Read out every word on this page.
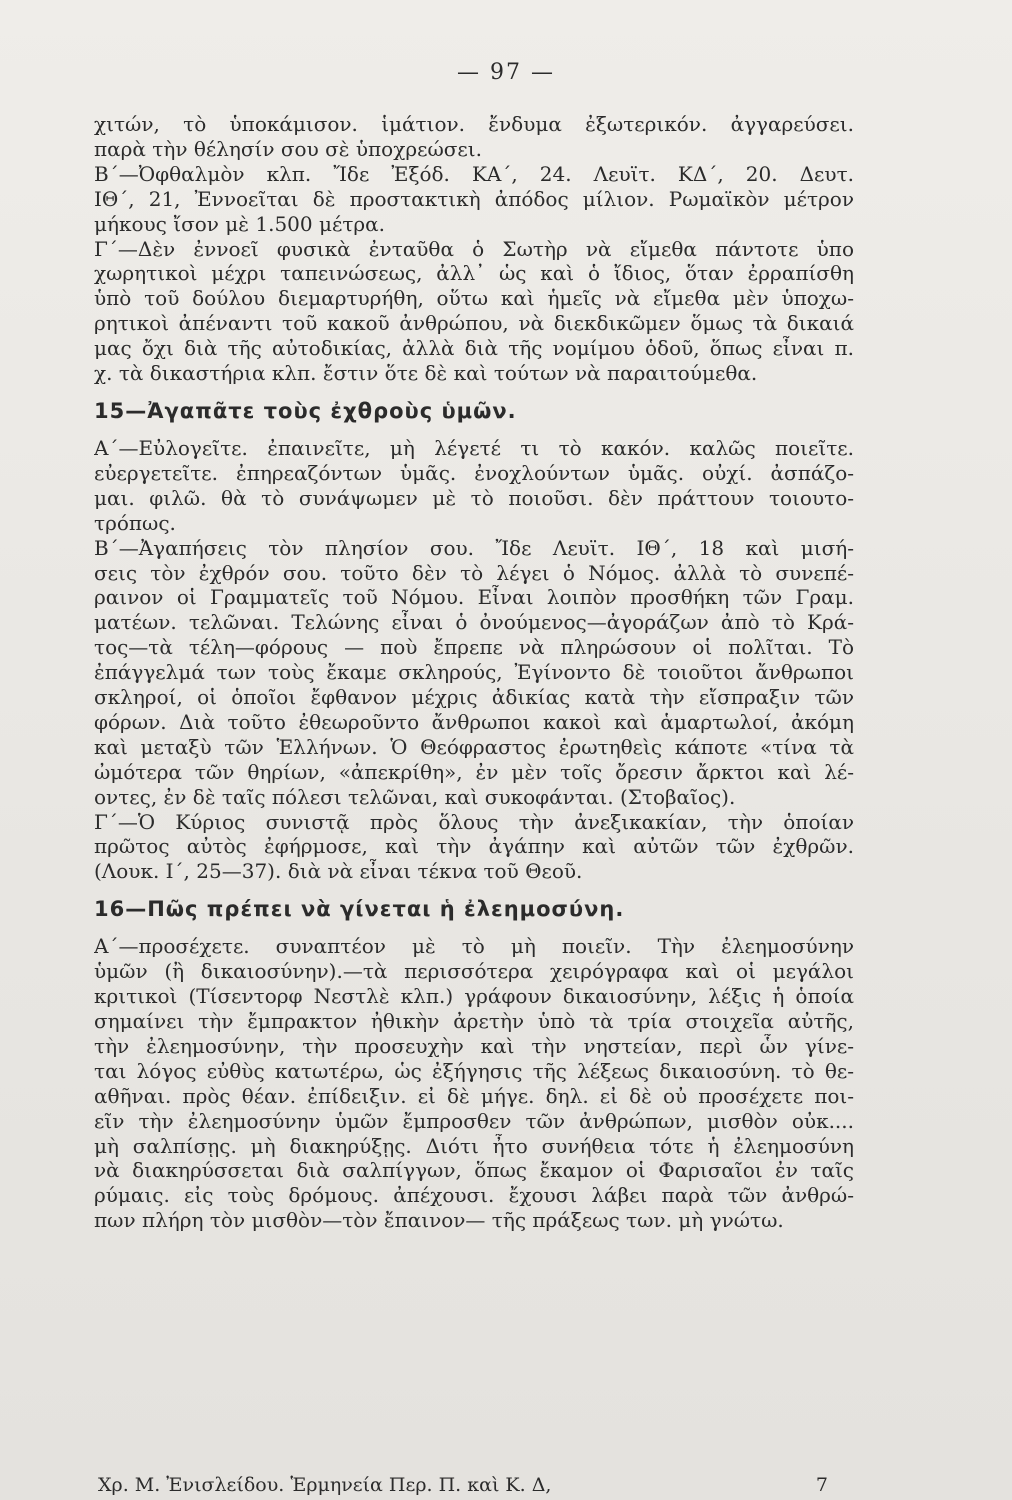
— 97 —
χιτών, τὸ ὑποκάμισον. ἱμάτιον. ἔνδυμα ἐξωτερικόν. ἀγγαρεύσει.
παρὰ τὴν θέλησίν σου σὲ ὑποχρεώσει.
Β΄—Ὀφθαλμὸν κλπ. Ἴδε Ἐξόδ. ΚΑ΄, 24. Λευϊτ. ΚΔ΄, 20. Δευτ.
ΙΘ΄, 21, Ἐννοεῖται δὲ προστακτικὴ ἀπόδος μίλιον. Ρωμαϊκὸν μέτρον
μήκους ἴσον μὲ 1.500 μέτρα.
Γ΄—Δὲν ἐννοεῖ φυσικὰ ἐνταῦθα ὁ Σωτὴρ νὰ εἴμεθα πάντοτε ὑπο
χωρητικοὶ μέχρι ταπεινώσεως, ἀλλ᾽ ὡς καὶ ὁ ἴδιος, ὅταν ἐρραπίσθη
ὑπὸ τοῦ δούλου διεμαρτυρήθη, οὕτω καὶ ἡμεῖς νὰ εἴμεθα μὲν ὑποχω-
ρητικοὶ ἀπέναντι τοῦ κακοῦ ἀνθρώπου, νὰ διεκδικῶμεν ὅμως τὰ δικαιά
μας ὄχι διὰ τῆς αὐτοδικίας, ἀλλὰ διὰ τῆς νομίμου ὁδοῦ, ὅπως εἶναι π.
χ. τὰ δικαστήρια κλπ. ἔστιν ὅτε δὲ καὶ τούτων νὰ παραιτούμεθα.
15—Ἀγαπᾶτε τοὺς ἐχθροὺς ὑμῶν.
Α΄—Εὐλογεῖτε. ἐπαινεῖτε, μὴ λέγετέ τι τὸ κακόν. καλῶς ποιεῖτε.
εὐεργετεῖτε. ἐπηρεαζόντων ὑμᾶς. ἐνοχλούντων ὑμᾶς. οὐχί. ἀσπάζο-
μαι. φιλῶ. θὰ τὸ συνάψωμεν μὲ τὸ ποιοῦσι. δὲν πράττουν τοιουτο-
τρόπως.
Β΄—Ἀγαπήσεις τὸν πλησίον σου. Ἴδε Λευϊτ. ΙΘ΄, 18 καὶ μισή-
σεις τὸν ἐχθρόν σου. τοῦτο δὲν τὸ λέγει ὁ Νόμος. ἀλλὰ τὸ συνεπέ-
ραινον οἱ Γραμματεῖς τοῦ Νόμου. Εἶναι λοιπὸν προσθήκη τῶν Γραμ.
ματέων. τελῶναι. Τελώνης εἶναι ὁ ὀνούμενος—ἀγοράζων ἀπὸ τὸ Κρά-
τος—τὰ τέλη—φόρους — ποὺ ἔπρεπε νὰ πληρώσουν οἱ πολῖται. Τὸ
ἐπάγγελμά των τοὺς ἔκαμε σκληρούς, Ἐγίνοντο δὲ τοιοῦτοι ἄνθρωποι
σκληροί, οἱ ὁποῖοι ἔφθανον μέχρις ἀδικίας κατὰ τὴν εἴσπραξιν τῶν
φόρων. Διὰ τοῦτο ἐθεωροῦντο ἄνθρωποι κακοὶ καὶ ἁμαρτωλοί, ἀκόμη
καὶ μεταξὺ τῶν Ἑλλήνων. Ὁ Θεόφραστος ἐρωτηθεὶς κάποτε «τίνα τὰ
ὠμότερα τῶν θηρίων, «ἀπεκρίθη», ἐν μὲν τοῖς ὄρεσιν ἄρκτοι καὶ λέ-
οντες, ἐν δὲ ταῖς πόλεσι τελῶναι, καὶ συκοφάνται. (Στοβαῖος).
Γ΄—Ὁ Κύριος συνιστᾷ πρὸς ὅλους τὴν ἀνεξικακίαν, τὴν ὁποίαν
πρῶτος αὐτὸς ἐφήρμοσε, καὶ τὴν ἀγάπην καὶ αὐτῶν τῶν ἐχθρῶν.
(Λουκ. Ι΄, 25—37). διὰ νὰ εἶναι τέκνα τοῦ Θεοῦ.
16—Πῶς πρέπει νὰ γίνεται ἡ ἐλεημοσύνη.
Α΄—προσέχετε. συναπτέον μὲ τὸ μὴ ποιεῖν. Τὴν ἐλεημοσύνην
ὑμῶν (ἢ δικαιοσύνην).—τὰ περισσότερα χειρόγραφα καὶ οἱ μεγάλοι
κριτικοὶ (Τίσεντορφ Νεστλὲ κλπ.) γράφουν δικαιοσύνην, λέξις ἡ ὁποία
σημαίνει τὴν ἔμπρακτον ἠθικὴν ἀρετὴν ὑπὸ τὰ τρία στοιχεῖα αὐτῆς,
τὴν ἐλεημοσύνην, τὴν προσευχὴν καὶ τὴν νηστείαν, περὶ ὧν γίνε-
ται λόγος εὐθὺς κατωτέρω, ὡς ἐξήγησις τῆς λέξεως δικαιοσύνη. τὸ θε-
αθῆναι. πρὸς θέαν. ἐπίδειξιν. εἰ δὲ μήγε. δηλ. εἰ δὲ οὐ προσέχετε ποι-
εῖν τὴν ἐλεημοσύνην ὑμῶν ἔμπροσθεν τῶν ἀνθρώπων, μισθὸν οὐκ....
μὴ σαλπίσῃς. μὴ διακηρύξῃς. Διότι ἦτο συνήθεια τότε ἡ ἐλεημοσύνη
νὰ διακηρύσσεται διὰ σαλπίγγων, ὅπως ἔκαμον οἱ Φαρισαῖοι ἐν ταῖς
ρύμαις. εἰς τοὺς δρόμους. ἀπέχουσι. ἔχουσι λάβει παρὰ τῶν ἀνθρώ-
πων πλήρη τὸν μισθὸν—τὸν ἔπαινον— τῆς πράξεως των. μὴ γνώτω.
Χρ. Μ. Ἐνισλείδου. Ἑρμηνεία Περ. Π. καὶ Κ. Δ,	7
